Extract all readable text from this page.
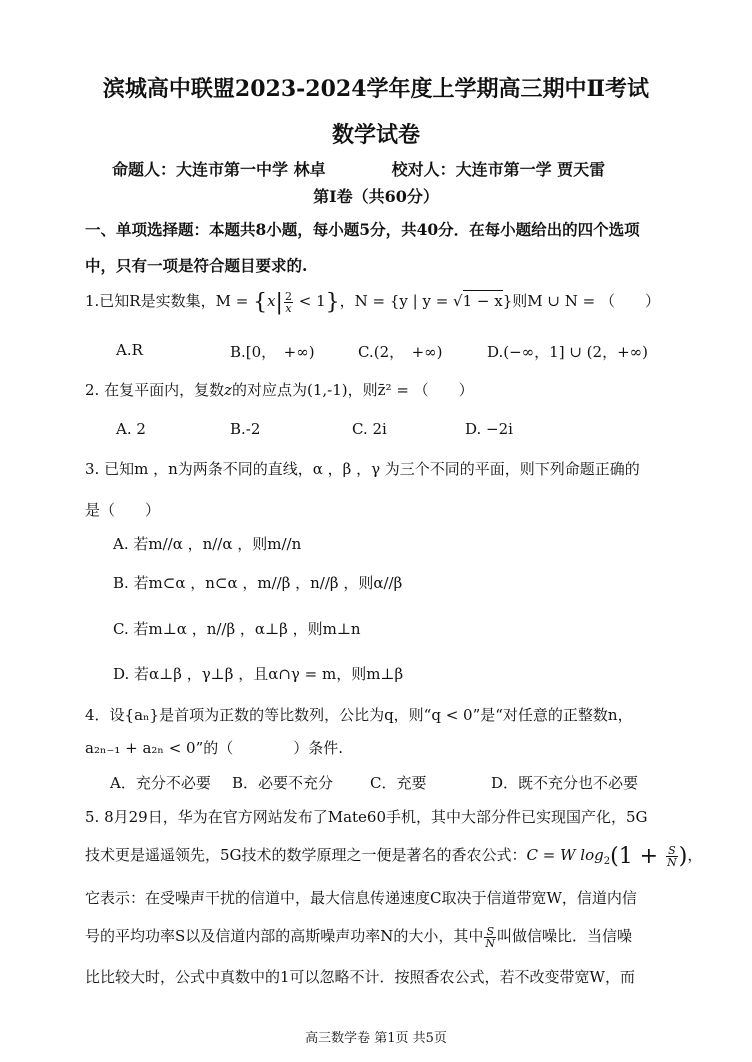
滨城高中联盟2023-2024学年度上学期高三期中Ⅱ考试
数学试卷
命题人：大连市第一中学 林卓	校对人：大连市第一学 贾天雷
第Ⅰ卷（共60分）
一、单项选择题：本题共8小题，每小题5分，共40分．在每小题给出的四个选项
中，只有一项是符合题目要求的.
1.已知R是实数集，$M = \{x| \frac{2}{x} < 1\}$，N = {y | y = √1 − x}则M ∪ N = （　　）
A.R	B.[0，　+∞)	C.(2，　+∞)	D.(−∞，1] ∪ (2，+∞)
2. 在复平面内，复数z的对应点为(1,-1)，则z̄² = （　　）
A. 2	B.-2	C. 2i	D. −2i
3. 已知m ，n为两条不同的直线，α ，β ，γ 为三个不同的平面，则下列命题正确的
是（　　）
A. 若m//α ，n//α ，则m//n
B. 若m⊂α ，n⊂α ，m//β ，n//β ，则α//β
C. 若m⊥α ，n//β ，α⊥β ，则m⊥n
D. 若α⊥β ，γ⊥β ，且α∩γ = m，则m⊥β
4．设{aₙ}是首项为正数的等比数列，公比为q，则“q < 0”是“对任意的正整数n，
a₂ₙ₋₁ + a₂ₙ < 0”的（　　　　）条件.
A．充分不必要 B．必要不充分 C．充要	D．既不充分也不必要
5. 8月29日，华为在官方网站发布了Mate60手机，其中大部分件已实现国产化，5G
技术更是遥遥领先，5G技术的数学原理之一便是著名的香农公式：C = W $\log_2(1 + \frac{S}{N}$ )，
它表示：在受噪声干扰的信道中，最大信息传递速度C取决于信道带宽W，信道内信
号的平均功率S以及信道内部的高斯噪声功率N的大小，其中 $\frac{S}{N}$ 叫做信噪比．当信噪
比比较大时，公式中真数中的1可以忽略不计．按照香农公式，若不改变带宽W，而
高三数学卷 第1页 共5页
